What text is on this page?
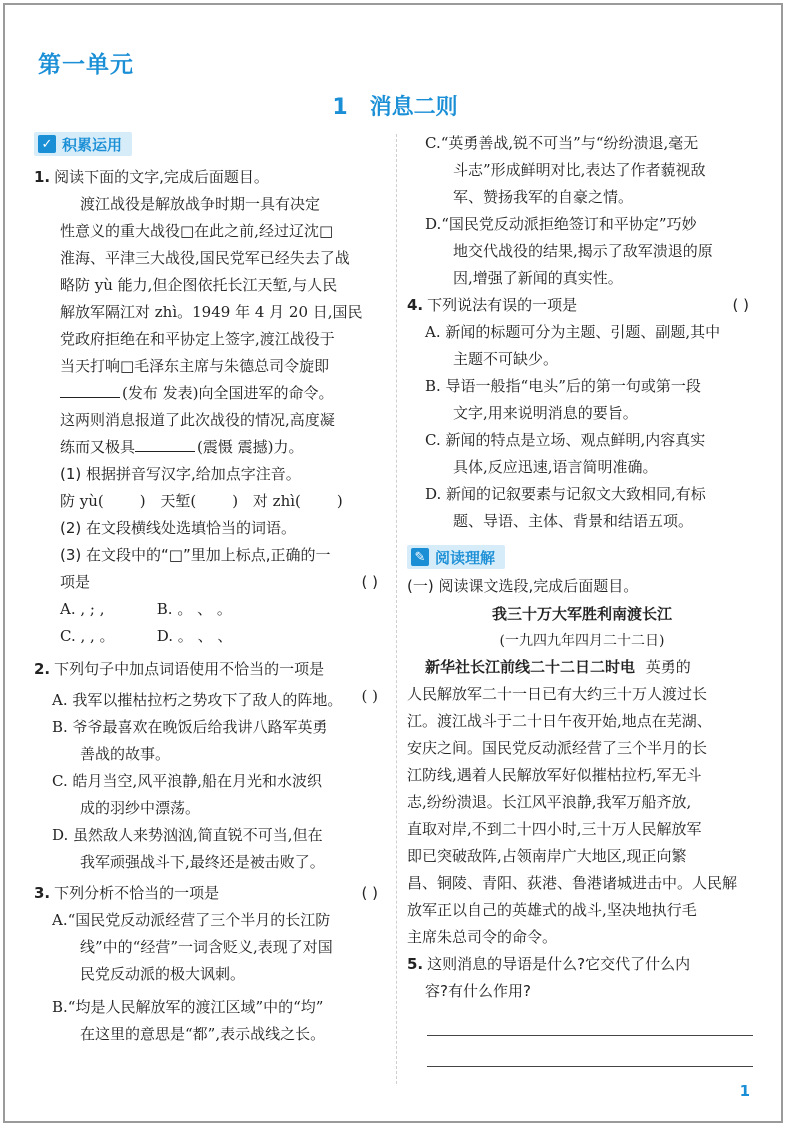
第一单元
1 消息二则
✓ 积累运用
1. 阅读下面的文字,完成后面题目。
渡江战役是解放战争时期一具有决定
性意义的重大战役□在此之前,经过辽沈□
淮海、平津三大战役,国民党军已经失去了战
略防 yù 能力,但企图依托长江天堑,与人民
解放军隔江对 zhì。1949 年 4 月 20 日,国民
党政府拒绝在和平协定上签字,渡江战役于
当天打响□毛泽东主席与朱德总司令旋即
(发布 发表)向全国进军的命令。
这两则消息报道了此次战役的情况,高度凝
练而又极具	(震慑 震撼)力。
(1) 根据拼音写汉字,给加点字注音。
防 yù( ) 天堑( ) 对 zhì( )
(2) 在文段横线处选填恰当的词语。
(3) 在文段中的“□”里加上标点,正确的一
项是	( )
A. , ; ,	B. 。 、 。
C. , , 。	D. 。 、 、
2. 下列句子中加点词语使用不恰当的一项是
( )
A. 我军以摧枯拉朽之势攻下了敌人的阵地。
B. 爷爷最喜欢在晚饭后给我讲八路军英勇
善战的故事。
C. 皓月当空,风平浪静,船在月光和水波织
成的羽纱中漂荡。
D. 虽然敌人来势汹汹,简直锐不可当,但在
我军顽强战斗下,最终还是被击败了。
3. 下列分析不恰当的一项是	( )
A.“国民党反动派经营了三个半月的长江防
线”中的“经营”一词含贬义,表现了对国
民党反动派的极大讽刺。
B.“均是人民解放军的渡江区域”中的“均”
在这里的意思是“都”,表示战线之长。
C.“英勇善战,锐不可当”与“纷纷溃退,毫无
斗志”形成鲜明对比,表达了作者藐视敌
军、赞扬我军的自豪之情。
D.“国民党反动派拒绝签订和平协定”巧妙
地交代战役的结果,揭示了敌军溃退的原
因,增强了新闻的真实性。
4. 下列说法有误的一项是	( )
A. 新闻的标题可分为主题、引题、副题,其中
主题不可缺少。
B. 导语一般指“电头”后的第一句或第一段
文字,用来说明消息的要旨。
C. 新闻的特点是立场、观点鲜明,内容真实
具体,反应迅速,语言简明准确。
D. 新闻的记叙要素与记叙文大致相同,有标
题、导语、主体、背景和结语五项。
✎ 阅读理解
(一) 阅读课文选段,完成后面题目。
我三十万大军胜利南渡长江
(一九四九年四月二十二日)
新华社长江前线二十二日二时电 英勇的
人民解放军二十一日已有大约三十万人渡过长
江。渡江战斗于二十日午夜开始,地点在芜湖、
安庆之间。国民党反动派经营了三个半月的长
江防线,遇着人民解放军好似摧枯拉朽,军无斗
志,纷纷溃退。长江风平浪静,我军万船齐放,
直取对岸,不到二十四小时,三十万人民解放军
即已突破敌阵,占领南岸广大地区,现正向繁
昌、铜陵、青阳、荻港、鲁港诸城进击中。人民解
放军正以自己的英雄式的战斗,坚决地执行毛
主席朱总司令的命令。
5. 这则消息的导语是什么?它交代了什么内
容?有什么作用?
1
